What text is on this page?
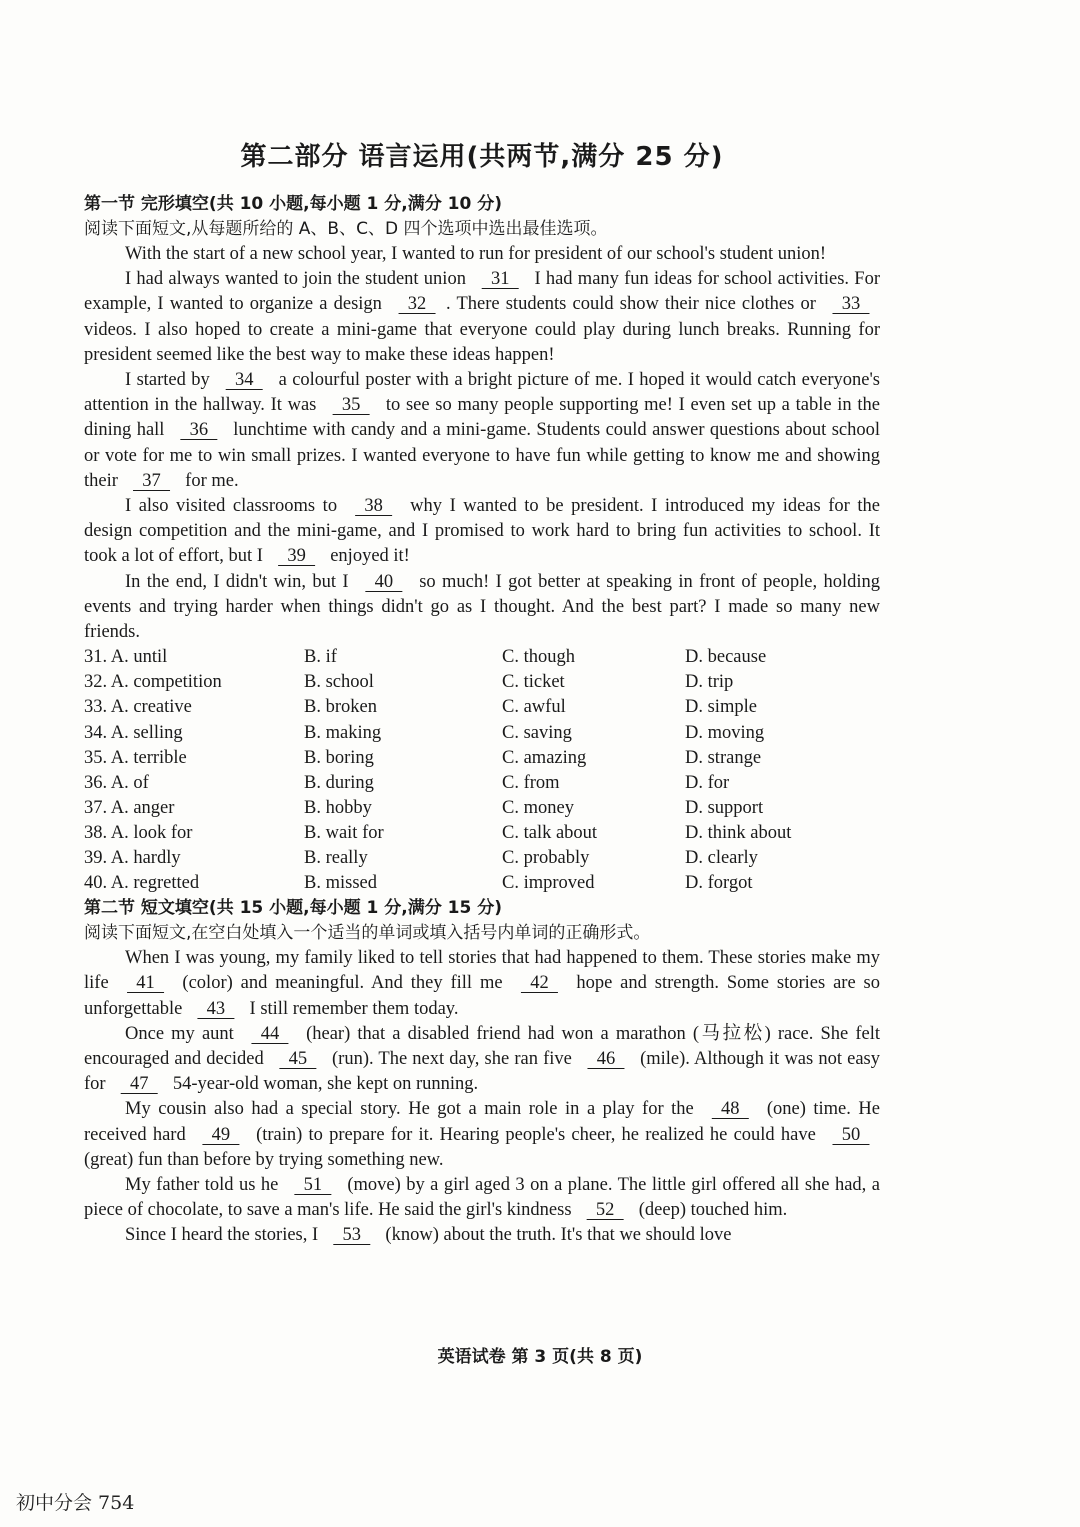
第二部分 语言运用(共两节,满分 25 分)
第一节 完形填空(共 10 小题,每小题 1 分,满分 10 分)
阅读下面短文,从每题所给的 A、B、C、D 四个选项中选出最佳选项。

With the start of a new school year, I wanted to run for president of our school's student union!

I had always wanted to join the student union   31   I had many fun ideas for school activities. For example, I wanted to organize a design   32  . There students could show their nice clothes or   33   videos. I also hoped to create a mini-game that everyone could play during lunch breaks. Running for president seemed like the best way to make these ideas happen!

I started by   34   a colourful poster with a bright picture of me. I hoped it would catch everyone's attention in the hallway. It was   35   to see so many people supporting me! I even set up a table in the dining hall   36   lunchtime with candy and a mini-game. Students could answer questions about school or vote for me to win small prizes. I wanted everyone to have fun while getting to know me and showing their   37   for me.

I also visited classrooms to   38   why I wanted to be president. I introduced my ideas for the design competition and the mini-game, and I promised to work hard to bring fun activities to school. It took a lot of effort, but I   39   enjoyed it!

In the end, I didn't win, but I   40   so much! I got better at speaking in front of people, holding events and trying harder when things didn't go as I thought. And the best part? I made so many new friends.

31. A. until	B. if	C. though	D. because
32. A. competition	B. school	C. ticket	D. trip
33. A. creative	B. broken	C. awful	D. simple
34. A. selling	B. making	C. saving	D. moving
35. A. terrible	B. boring	C. amazing	D. strange
36. A. of	B. during	C. from	D. for
37. A. anger	B. hobby	C. money	D. support
38. A. look for	B. wait for	C. talk about	D. think about
39. A. hardly	B. really	C. probably	D. clearly
40. A. regretted	B. missed	C. improved	D. forgot
第二节 短文填空(共 15 小题,每小题 1 分,满分 15 分)
阅读下面短文,在空白处填入一个适当的单词或填入括号内单词的正确形式。

When I was young, my family liked to tell stories that had happened to them. These stories make my life   41   (color) and meaningful. And they fill me   42   hope and strength. Some stories are so unforgettable   43   I still remember them today.

Once my aunt   44   (hear) that a disabled friend had won a marathon (马拉松) race. She felt encouraged and decided   45   (run). The next day, she ran five   46   (mile). Although it was not easy for   47   54-year-old woman, she kept on running.

My cousin also had a special story. He got a main role in a play for the   48   (one) time. He received hard   49   (train) to prepare for it. Hearing people's cheer, he realized he could have   50   (great) fun than before by trying something new.

My father told us he   51   (move) by a girl aged 3 on a plane. The little girl offered all she had, a piece of chocolate, to save a man's life. He said the girl's kindness   52   (deep) touched him.

Since I heard the stories, I   53   (know) about the truth. It's that we should love

英语试卷 第 3 页(共 8 页)
初中分会 754
